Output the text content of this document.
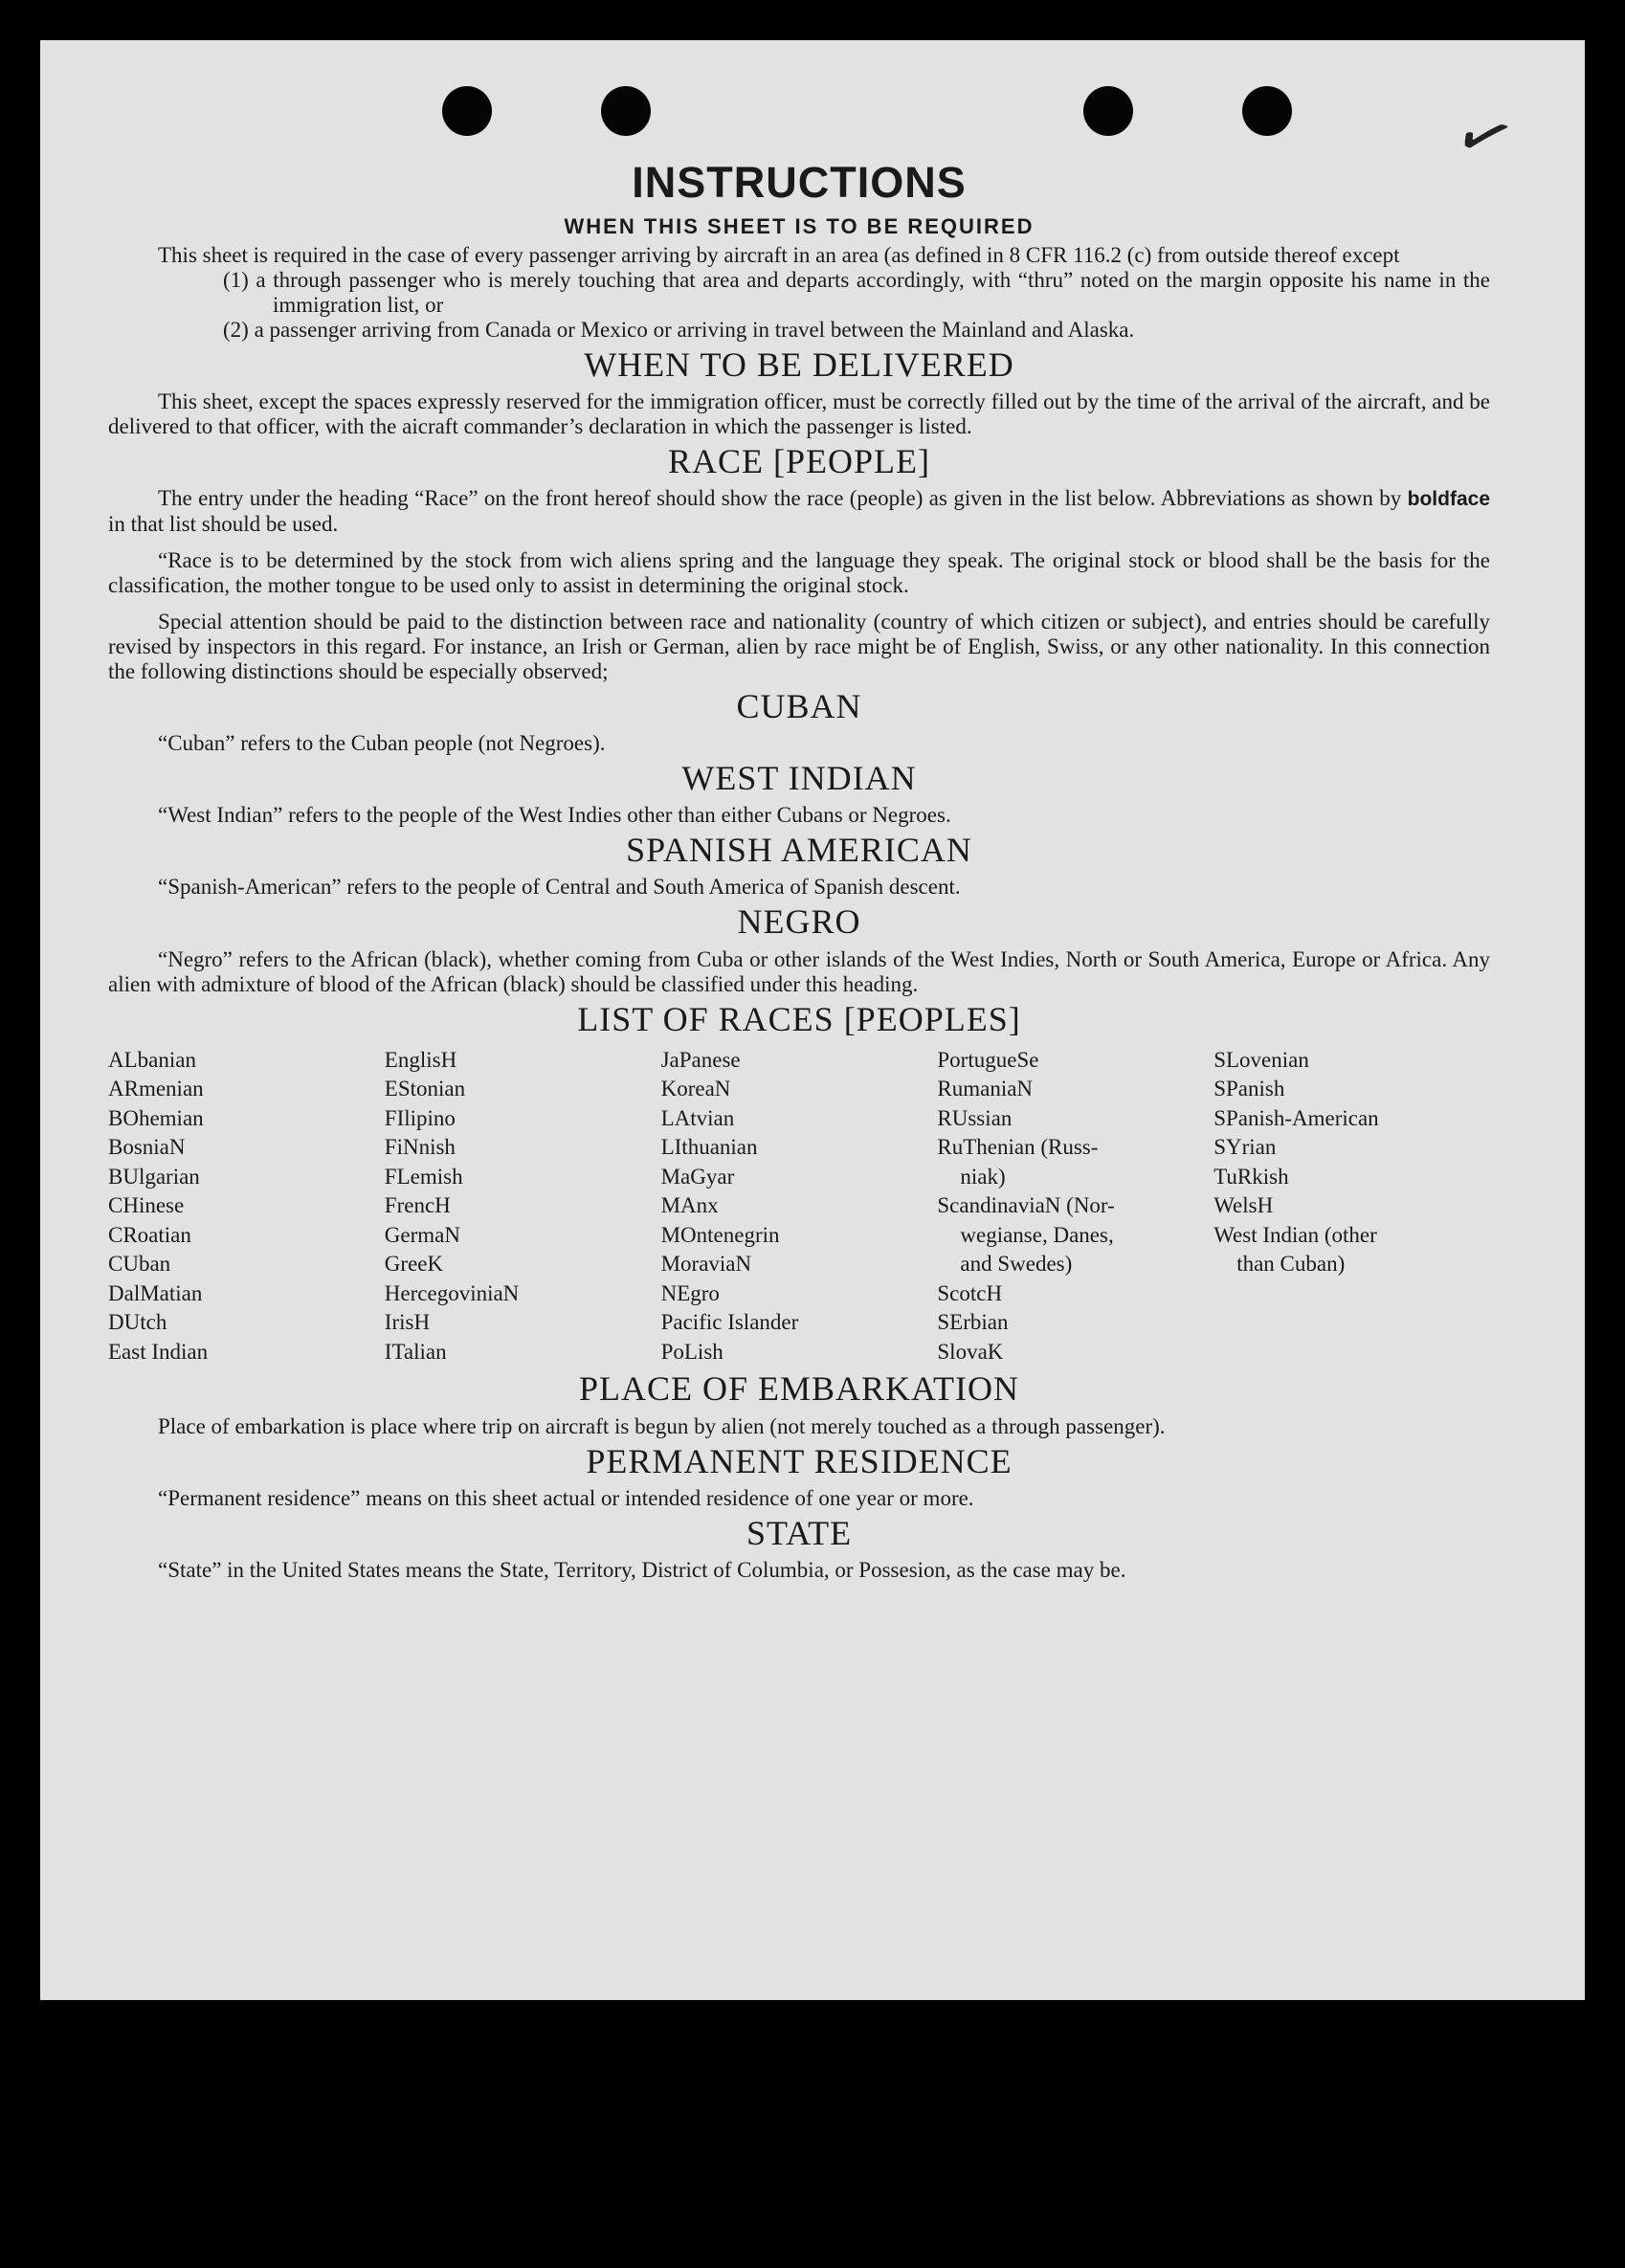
✓
INSTRUCTIONS
WHEN THIS SHEET IS TO BE REQUIRED

This sheet is required in the case of every passenger arriving by aircraft in an area (as defined in 8 CFR 116.2 (c) from outside thereof except

(1) a through passenger who is merely touching that area and departs accordingly, with “thru” noted on the margin opposite his name in the immigration list, or
(2) a passenger arriving from Canada or Mexico or arriving in travel between the Mainland and Alaska.
WHEN TO BE DELIVERED

This sheet, except the spaces expressly reserved for the immigration officer, must be correctly filled out by the time of the arrival of the aircraft, and be delivered to that officer, with the aicraft commander’s declaration in which the passenger is listed.

RACE [PEOPLE]

The entry under the heading “Race” on the front hereof should show the race (people) as given in the list below. Abbreviations as shown by boldface in that list should be used.

“Race is to be determined by the stock from wich aliens spring and the language they speak. The original stock or blood shall be the basis for the classification, the mother tongue to be used only to assist in determining the original stock.

Special attention should be paid to the distinction between race and nationality (country of which citizen or subject), and entries should be carefully revised by inspectors in this regard. For instance, an Irish or German, alien by race might be of English, Swiss, or any other nationality. In this connection the following distinctions should be especially observed;

CUBAN

“Cuban” refers to the Cuban people (not Negroes).

WEST INDIAN

“West Indian” refers to the people of the West Indies other than either Cubans or Negroes.

SPANISH AMERICAN

“Spanish-American” refers to the people of Central and South America of Spanish descent.

NEGRO

“Negro” refers to the African (black), whether coming from Cuba or other islands of the West Indies, North or South America, Europe or Africa. Any alien with admixture of blood of the African (black) should be classified under this heading.

LIST OF RACES [PEOPLES]
ALbanian
ARmenian
BOhemian
BosniaN
BUlgarian
CHinese
CRoatian
CUban
DalMatian
DUtch
East Indian
EnglisH
EStonian
FIlipino
FiNnish
FLemish
FrencH
GermaN
GreeK
HercegoviniaN
IrisH
ITalian
JaPanese
KoreaN
LAtvian
LIthuanian
MaGyar
MAnx
MOntenegrin
MoraviaN
NEgro
Pacific Islander
PoLish
PortugueSe
RumaniaN
RUssian
RuThenian (Russ-
niak)
ScandinaviaN (Nor-
wegianse, Danes,
and Swedes)
ScotcH
SErbian
SlovaK
SLovenian
SPanish
SPanish-American
SYrian
TuRkish
WelsH
West Indian (other
than Cuban)
PLACE OF EMBARKATION

Place of embarkation is place where trip on aircraft is begun by alien (not merely touched as a through passenger).

PERMANENT RESIDENCE

“Permanent residence” means on this sheet actual or intended residence of one year or more.

STATE

“State” in the United States means the State, Territory, District of Columbia, or Possesion, as the case may be.
